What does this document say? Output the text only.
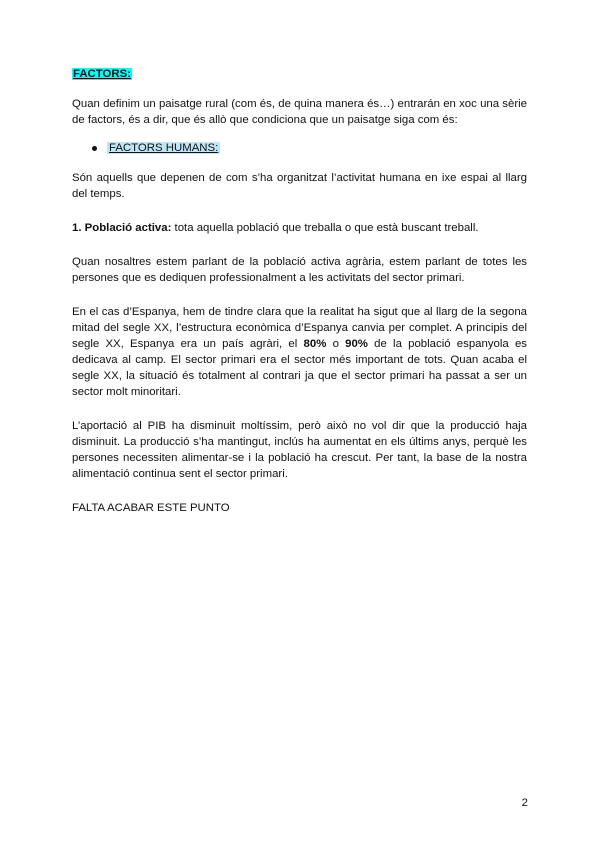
FACTORS:

Quan definim un paisatge rural (com és, de quina manera és…) entrarán en xoc una sèrie de factors, és a dir, que és allò que condiciona que un paisatge siga com és:

FACTORS HUMANS:

Són aquells que depenen de com s’ha organitzat l’activitat humana en ixe espai al llarg del temps.

1. Població activa: tota aquella població que treballa o que està buscant treball.

Quan nosaltres estem parlant de la població activa agrària, estem parlant de totes les persones que es dediquen professionalment a les activitats del sector primari.

En el cas d’Espanya, hem de tindre clara que la realitat ha sigut que al llarg de la segona mitad del segle XX, l’estructura econòmica d’Espanya canvia per complet. A principis del segle XX, Espanya era un país agràri, el 80% o 90% de la població espanyola es dedicava al camp. El sector primari era el sector més important de tots. Quan acaba el segle XX, la situació és totalment al contrari ja que el sector primari ha passat a ser un sector molt minoritari.

L’aportació al PIB ha disminuit moltíssim, però això no vol dir que la producció haja disminuit. La producció s’ha mantingut, inclús ha aumentat en els últims anys, perquè les persones necessiten alimentar-se i la població ha crescut. Per tant, la base de la nostra alimentació continua sent el sector primari.

FALTA ACABAR ESTE PUNTO

2
